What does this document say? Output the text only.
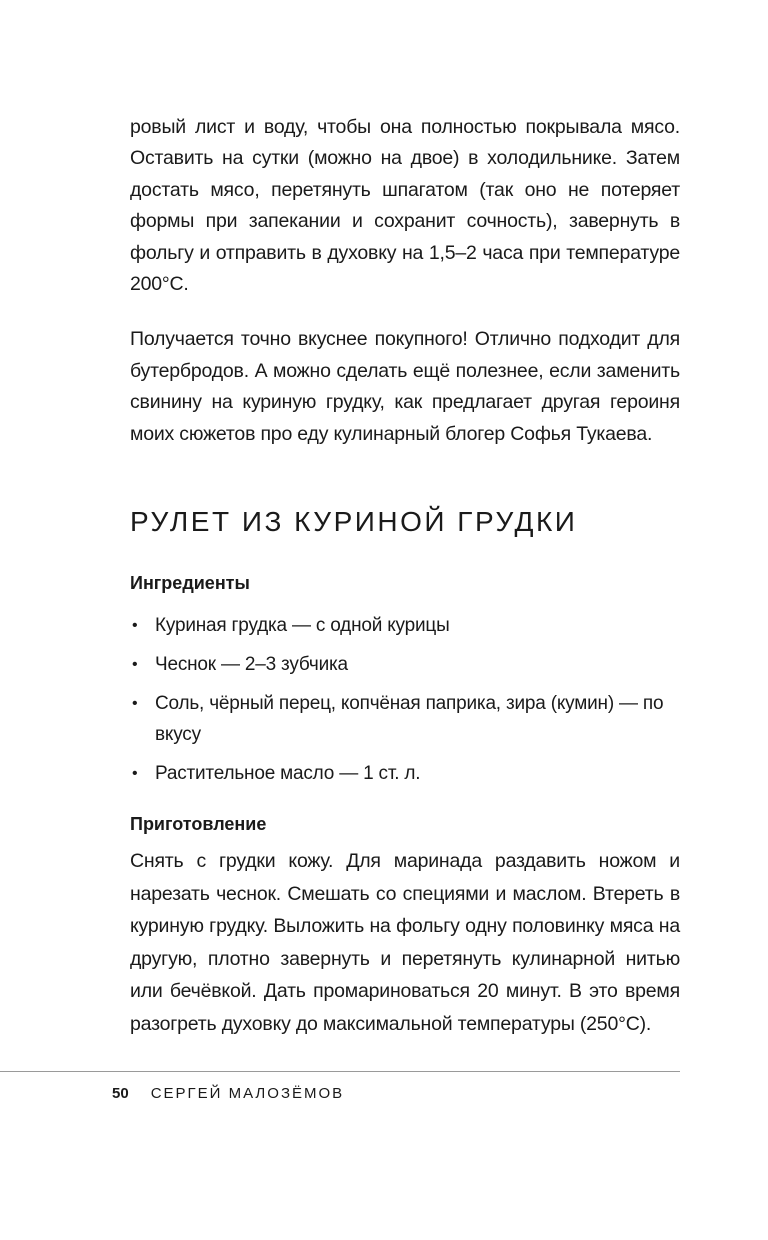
ровый лист и воду, чтобы она полностью покрывала мясо. Оставить на сутки (можно на двое) в холодильнике. Затем достать мясо, перетянуть шпагатом (так оно не потеряет формы при запекании и сохранит сочность), завернуть в фольгу и отправить в духовку на 1,5–2 часа при температуре 200°С.

Получается точно вкуснее покупного! Отлично подходит для бутербродов. А можно сделать ещё полезнее, если заменить свинину на куриную грудку, как предлагает другая героиня моих сюжетов про еду кулинарный блогер Софья Тукаева.

РУЛЕТ ИЗ КУРИНОЙ ГРУДКИ
Ингредиенты
• Куриная грудка — с одной курицы
• Чеснок — 2–3 зубчика
• Соль, чёрный перец, копчёная паприка, зира (кумин) — по вкусу
• Растительное масло — 1 ст. л.
Приготовление

Снять с грудки кожу. Для маринада раздавить ножом и нарезать чеснок. Смешать со специями и маслом. Втереть в куриную грудку. Выложить на фольгу одну половинку мяса на другую, плотно завернуть и перетянуть кулинарной нитью или бечёвкой. Дать промариноваться 20 минут. В это время разогреть духовку до максимальной температуры (250°С).

50 СЕРГЕЙ МАЛОЗЁМОВ
